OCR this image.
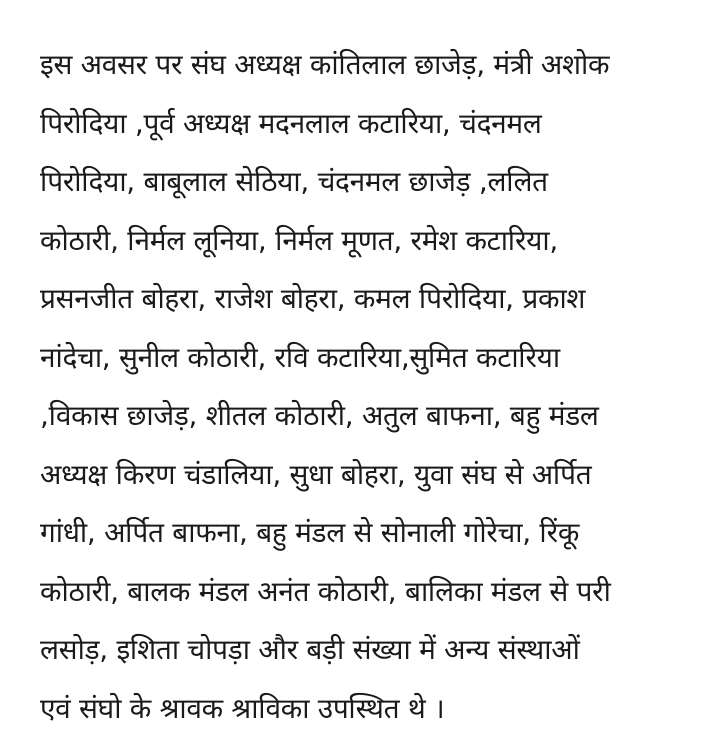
इस अवसर पर संघ अध्यक्ष कांतिलाल छाजेड़, मंत्री अशोक
पिरोदिया ,पूर्व अध्यक्ष मदनलाल कटारिया, चंदनमल
पिरोदिया, बाबूलाल सेठिया, चंदनमल छाजेड़ ,ललित
कोठारी, निर्मल लूनिया, निर्मल मूणत, रमेश कटारिया,
प्रसनजीत बोहरा, राजेश बोहरा, कमल पिरोदिया, प्रकाश
नांदेचा, सुनील कोठारी, रवि कटारिया,सुमित कटारिया
,विकास छाजेड़, शीतल कोठारी, अतुल बाफना, बहु मंडल
अध्यक्ष किरण चंडालिया, सुधा बोहरा, युवा संघ से अर्पित
गांधी, अर्पित बाफना, बहु मंडल से सोनाली गोरेचा, रिंकू
कोठारी, बालक मंडल अनंत कोठारी, बालिका मंडल से परी
लसोड़, इशिता चोपड़ा और बड़ी संख्या में अन्य संस्थाओं
एवं संघो के श्रावक श्राविका उपस्थित थे ।
